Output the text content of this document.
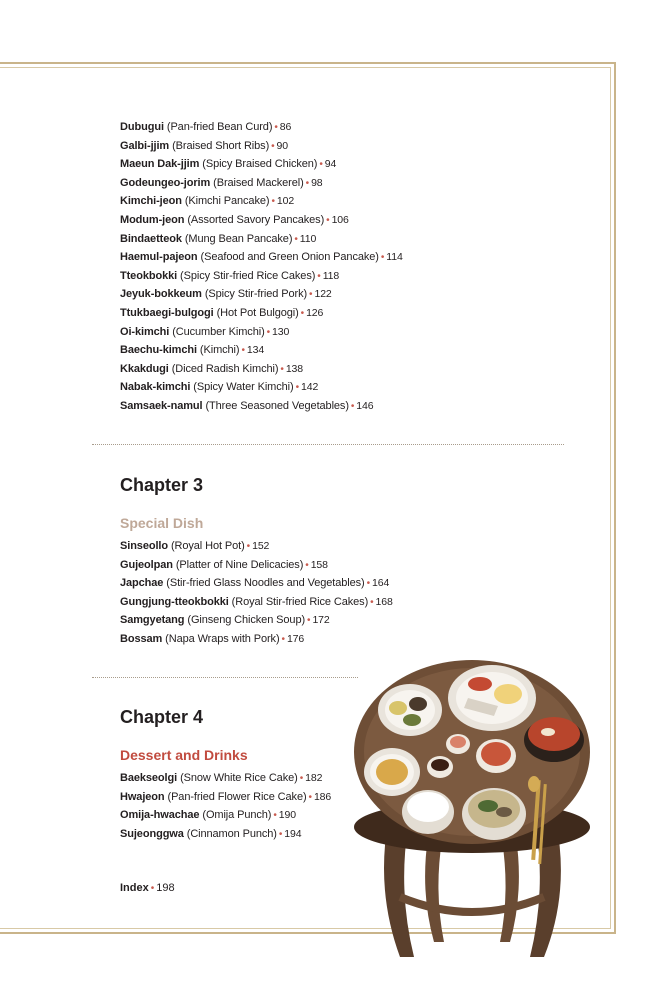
Dubugui (Pan-fried Bean Curd) • 86
Galbi-jjim (Braised Short Ribs) • 90
Maeun Dak-jjim (Spicy Braised Chicken) • 94
Godeungeo-jorim (Braised Mackerel) • 98
Kimchi-jeon (Kimchi Pancake) • 102
Modum-jeon (Assorted Savory Pancakes) • 106
Bindaetteok (Mung Bean Pancake) • 110
Haemul-pajeon (Seafood and Green Onion Pancake) • 114
Tteokbokki (Spicy Stir-fried Rice Cakes) • 118
Jeyuk-bokkeum (Spicy Stir-fried Pork) • 122
Ttukbaegi-bulgogi (Hot Pot Bulgogi) • 126
Oi-kimchi (Cucumber Kimchi) • 130
Baechu-kimchi (Kimchi) • 134
Kkakdugi (Diced Radish Kimchi) • 138
Nabak-kimchi (Spicy Water Kimchi) • 142
Samsaek-namul (Three Seasoned Vegetables) • 146
Chapter 3
Special Dish
Sinseollo (Royal Hot Pot) • 152
Gujeolpan (Platter of Nine Delicacies) • 158
Japchae (Stir-fried Glass Noodles and Vegetables) • 164
Gungjung-tteokbokki (Royal Stir-fried Rice Cakes) • 168
Samgyetang (Ginseng Chicken Soup) • 172
Bossam (Napa Wraps with Pork) • 176
Chapter 4
Dessert and Drinks
Baekseolgi (Snow White Rice Cake) • 182
Hwajeon (Pan-fried Flower Rice Cake) • 186
Omija-hwachae (Omija Punch) • 190
Sujeonggwa (Cinnamon Punch) • 194
Index • 198
